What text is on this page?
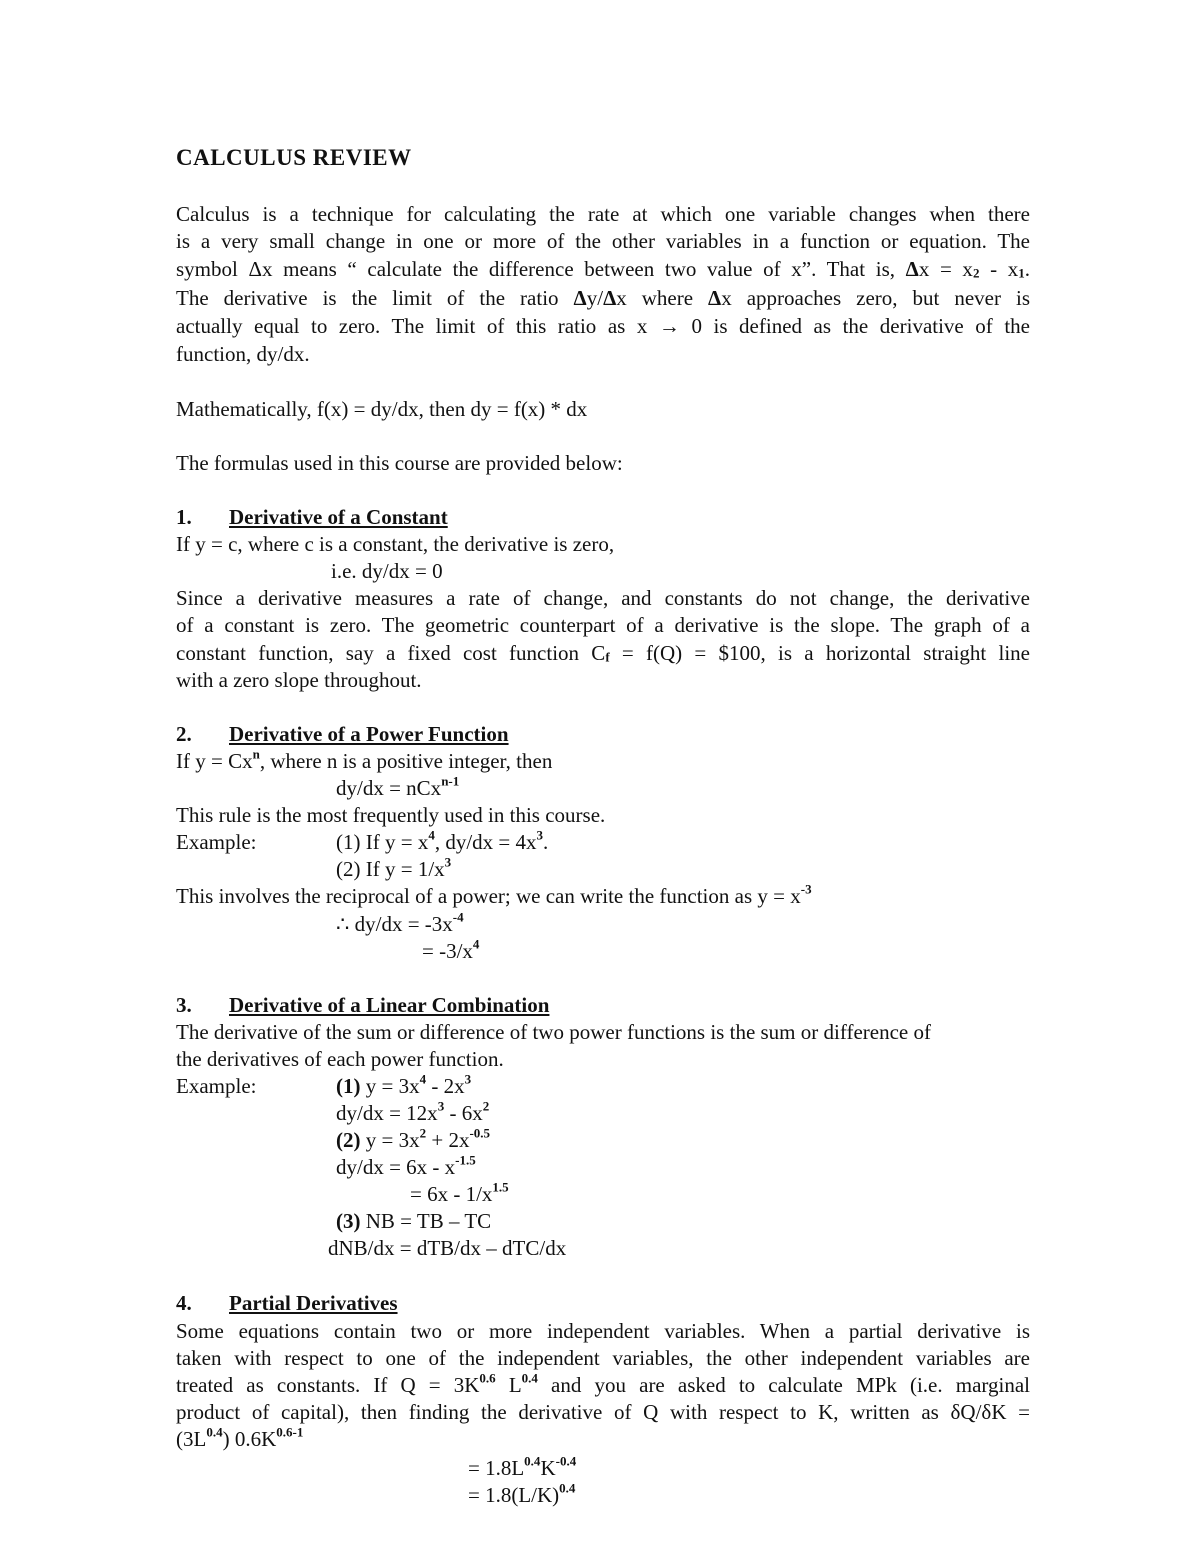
CALCULUS REVIEW
Calculus is a technique for calculating the rate at which one variable changes when there
is a very small change in one or more of the other variables in a function or equation. The
symbol Δx means “ calculate the difference between two value of x”. That is, $\Delta x = x_2 - x_1$.
The derivative is the limit of the ratio Δy/Δx where Δx approaches zero, but never is
actually equal to zero. The limit of this ratio as x → 0 is defined as the derivative of the
function, dy/dx.
Mathematically, f(x) = dy/dx, then dy = f(x) * dx
The formulas used in this course are provided below:
1. Derivative of a Constant
If y = c, where c is a constant, the derivative is zero,
i.e. dy/dx = 0
Since a derivative measures a rate of change, and constants do not change, the derivative
of a constant is zero. The geometric counterpart of a derivative is the slope. The graph of a
constant function, say a fixed cost function $C_f = f(Q)$ = $100, is a horizontal straight line
with a zero slope throughout.
2. Derivative of a Power Function
If $y = Cx^n$, where n is a positive integer, then
dy/dx = nCx$^{n-1}$
This rule is the most frequently used in this course.
Example:	(1) If $y = x^4$, $dy/dx = 4x^3$.
(2) If $y = 1/x^3$
This involves the reciprocal of a power; we can write the function as $y = x^{-3}$
∴ $dy/dx = -3x^{-4}$
= $-3/x^4$
3. Derivative of a Linear Combination
The derivative of the sum or difference of two power functions is the sum or difference of
the derivatives of each power function.
Example:	(1) $y = 3x^4 - 2x^3$
$dy/dx = 12x^3 - 6x^2$
(2) $y = 3x^2 + 2x^{-0.5}$
$dy/dx = 6x - x^{-1.5}$
= $6x - 1/x^{1.5}$
(3) NB = TB – TC
dNB/dx = dTB/dx – dTC/dx
4. Partial Derivatives
Some equations contain two or more independent variables. When a partial derivative is
taken with respect to one of the independent variables, the other independent variables are
treated as constants. If $Q = 3K^{0.6}$ $L^{0.4}$ and you are asked to calculate MPk (i.e. marginal
product of capital), then finding the derivative of Q with respect to K, written as δQ/δK =
$(3L^{0.4})$ $0.6K^{0.6-1}$
= $1.8L^{0.4}K^{-0.4}$
= $1.8(L/K)^{0.4}$
